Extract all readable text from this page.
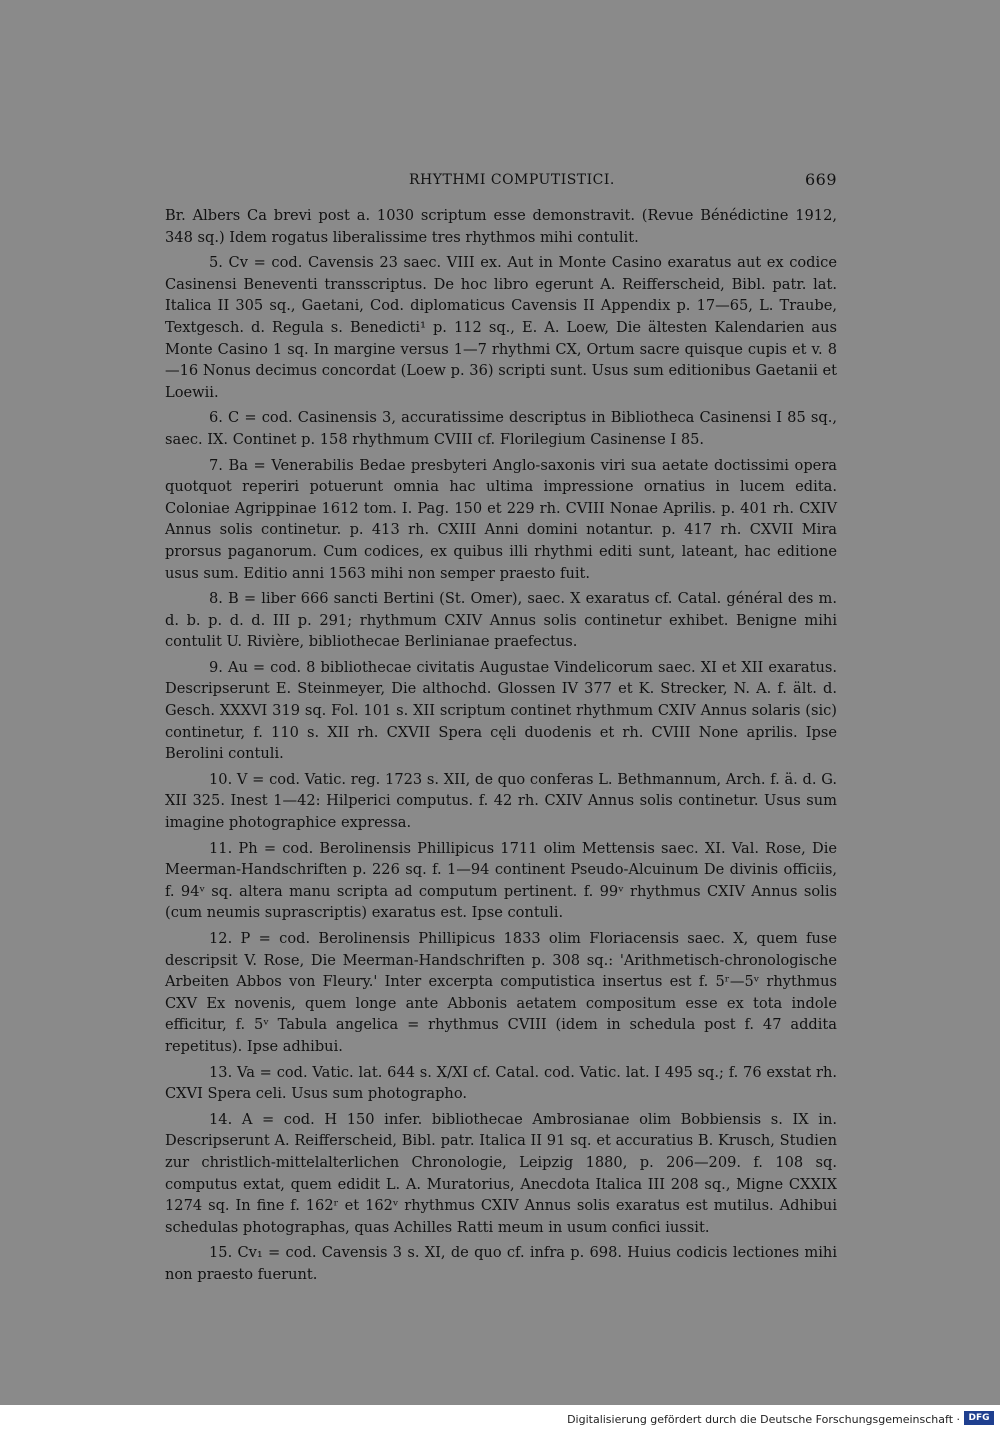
RHYTHMI COMPUTISTICI.	669

Br. Albers Ca brevi post a. 1030 scriptum esse demonstravit. (Revue Bénédictine 1912, 348 sq.) Idem rogatus liberalissime tres rhythmos mihi contulit.

5. Cv = cod. Cavensis 23 saec. VIII ex. Aut in Monte Casino exaratus aut ex codice Casinensi Beneventi transscriptus. De hoc libro egerunt A. Reifferscheid, Bibl. patr. lat. Italica II 305 sq., Gaetani, Cod. diplomaticus Cavensis II Appendix p. 17—65, L. Traube, Textgesch. d. Regula s. Benedicti¹ p. 112 sq., E. A. Loew, Die ältesten Kalendarien aus Monte Casino 1 sq. In margine versus 1—7 rhythmi CX, Ortum sacre quisque cupis et v. 8—16 Nonus decimus concordat (Loew p. 36) scripti sunt. Usus sum editionibus Gaetanii et Loewii.

6. C = cod. Casinensis 3, accuratissime descriptus in Bibliotheca Casinensi I 85 sq., saec. IX. Continet p. 158 rhythmum CVIII cf. Florilegium Casinense I 85.

7. Ba = Venerabilis Bedae presbyteri Anglo-saxonis viri sua aetate doctissimi opera quotquot reperiri potuerunt omnia hac ultima impressione ornatius in lucem edita. Coloniae Agrippinae 1612 tom. I. Pag. 150 et 229 rh. CVIII Nonae Aprilis. p. 401 rh. CXIV Annus solis continetur. p. 413 rh. CXIII Anni domini notantur. p. 417 rh. CXVII Mira prorsus paganorum. Cum codices, ex quibus illi rhythmi editi sunt, lateant, hac editione usus sum. Editio anni 1563 mihi non semper praesto fuit.

8. B = liber 666 sancti Bertini (St. Omer), saec. X exaratus cf. Catal. général des m. d. b. p. d. d. III p. 291; rhythmum CXIV Annus solis continetur exhibet. Benigne mihi contulit U. Rivière, bibliothecae Berlinianae praefectus.

9. Au = cod. 8 bibliothecae civitatis Augustae Vindelicorum saec. XI et XII exaratus. Descripserunt E. Steinmeyer, Die althochd. Glossen IV 377 et K. Strecker, N. A. f. ält. d. Gesch. XXXVI 319 sq. Fol. 101 s. XII scriptum continet rhythmum CXIV Annus solaris (sic) continetur, f. 110 s. XII rh. CXVII Spera cęli duodenis et rh. CVIII None aprilis. Ipse Berolini contuli.

10. V = cod. Vatic. reg. 1723 s. XII, de quo conferas L. Bethmannum, Arch. f. ä. d. G. XII 325. Inest 1—42: Hilperici computus. f. 42 rh. CXIV Annus solis continetur. Usus sum imagine photographice expressa.

11. Ph = cod. Berolinensis Phillipicus 1711 olim Mettensis saec. XI. Val. Rose, Die Meerman-Handschriften p. 226 sq. f. 1—94 continent Pseudo-Alcuinum De divinis officiis, f. 94ᵛ sq. altera manu scripta ad computum pertinent. f. 99ᵛ rhythmus CXIV Annus solis (cum neumis suprascriptis) exaratus est. Ipse contuli.

12. P = cod. Berolinensis Phillipicus 1833 olim Floriacensis saec. X, quem fuse descripsit V. Rose, Die Meerman-Handschriften p. 308 sq.: 'Arithmetisch-chronologische Arbeiten Abbos von Fleury.' Inter excerpta computistica insertus est f. 5ʳ—5ᵛ rhythmus CXV Ex novenis, quem longe ante Abbonis aetatem compositum esse ex tota indole efficitur, f. 5ᵛ Tabula angelica = rhythmus CVIII (idem in schedula post f. 47 addita repetitus). Ipse adhibui.

13. Va = cod. Vatic. lat. 644 s. X/XI cf. Catal. cod. Vatic. lat. I 495 sq.; f. 76 exstat rh. CXVI Spera celi. Usus sum photographo.

14. A = cod. H 150 infer. bibliothecae Ambrosianae olim Bobbiensis s. IX in. Descripserunt A. Reifferscheid, Bibl. patr. Italica II 91 sq. et accuratius B. Krusch, Studien zur christlich-mittelalterlichen Chronologie, Leipzig 1880, p. 206—209. f. 108 sq. computus extat, quem edidit L. A. Muratorius, Anecdota Italica III 208 sq., Migne CXXIX 1274 sq. In fine f. 162ʳ et 162ᵛ rhythmus CXIV Annus solis exaratus est mutilus. Adhibui schedulas photographas, quas Achilles Ratti meum in usum confici iussit.

15. Cv₁ = cod. Cavensis 3 s. XI, de quo cf. infra p. 698. Huius codicis lectiones mihi non praesto fuerunt.

Digitalisierung gefördert durch die Deutsche Forschungsgemeinschaft · DFG
